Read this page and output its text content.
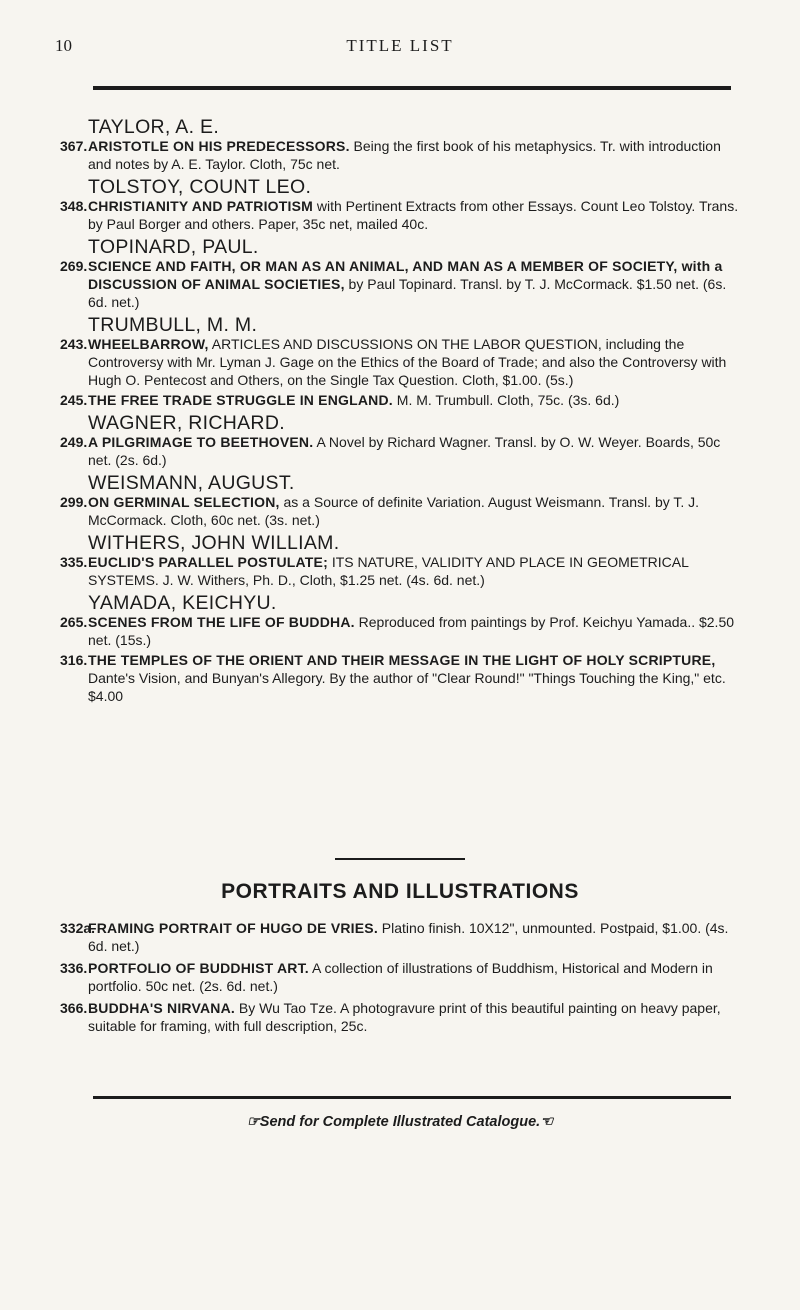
10	TITLE LIST
TAYLOR, A. E.
367. ARISTOTLE ON HIS PREDECESSORS. Being the first book of his metaphysics. Tr. with introduction and notes by A. E. Taylor. Cloth, 75c net.
TOLSTOY, COUNT LEO.
348. CHRISTIANITY AND PATRIOTISM with Pertinent Extracts from other Essays. Count Leo Tolstoy. Trans. by Paul Borger and others. Paper, 35c net, mailed 40c.
TOPINARD, PAUL.
269. SCIENCE AND FAITH, OR MAN AS AN ANIMAL, AND MAN AS A MEMBER OF SOCIETY, with a DISCUSSION OF ANIMAL SOCIETIES, by Paul Topinard. Transl. by T. J. McCormack. $1.50 net. (6s. 6d. net.)
TRUMBULL, M. M.
243. WHEELBARROW, ARTICLES AND DISCUSSIONS ON THE LABOR QUESTION, including the Controversy with Mr. Lyman J. Gage on the Ethics of the Board of Trade; and also the Controversy with Hugh O. Pentecost and Others, on the Single Tax Question. Cloth, $1.00. (5s.)
245. THE FREE TRADE STRUGGLE IN ENGLAND. M. M. Trumbull. Cloth, 75c. (3s. 6d.)
WAGNER, RICHARD.
249. A PILGRIMAGE TO BEETHOVEN. A Novel by Richard Wagner. Transl. by O. W. Weyer. Boards, 50c net. (2s. 6d.)
WEISMANN, AUGUST.
299. ON GERMINAL SELECTION, as a Source of definite Variation. August Weismann. Transl. by T. J. McCormack. Cloth, 60c net. (3s. net.)
WITHERS, JOHN WILLIAM.
335. EUCLID'S PARALLEL POSTULATE; ITS NATURE, VALIDITY AND PLACE IN GEOMETRICAL SYSTEMS. J. W. Withers, Ph. D., Cloth, $1.25 net. (4s. 6d. net.)
YAMADA, KEICHYU.
265. SCENES FROM THE LIFE OF BUDDHA. Reproduced from paintings by Prof. Keichyu Yamada.. $2.50 net. (15s.)
316. THE TEMPLES OF THE ORIENT AND THEIR MESSAGE IN THE LIGHT OF HOLY SCRIPTURE, Dante's Vision, and Bunyan's Allegory. By the author of "Clear Round!" "Things Touching the King," etc. $4.00
PORTRAITS AND ILLUSTRATIONS
332a.
FRAMING PORTRAIT OF HUGO DE VRIES. Platino finish. 10X12", unmounted. Postpaid, $1.00. (4s. 6d. net.)
336. PORTFOLIO OF BUDDHIST ART. A collection of illustrations of Buddhism, Historical and Modern in portfolio. 50c net. (2s. 6d. net.)
366. BUDDHA'S NIRVANA. By Wu Tao Tze. A photogravure print of this beautiful painting on heavy paper, suitable for framing, with full description, 25c.
☞Send for Complete Illustrated Catalogue.☜
